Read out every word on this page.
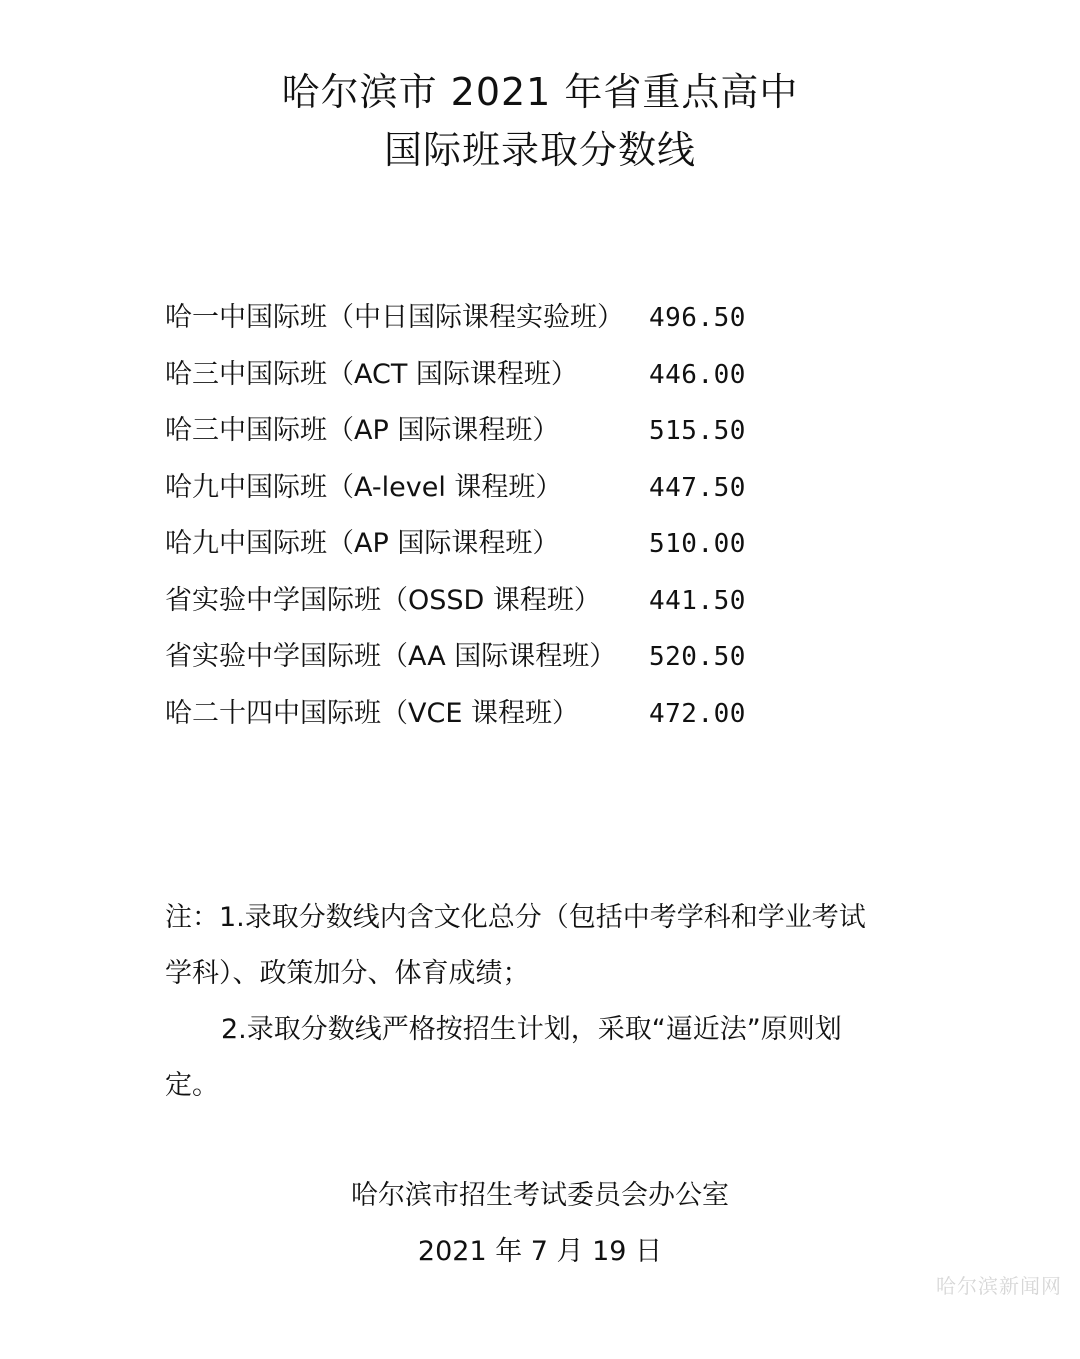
哈尔滨市 2021 年省重点高中
国际班录取分数线
哈一中国际班（中日国际课程实验班） 496.50
哈三中国际班（ACT 国际课程班）	446.00
哈三中国际班（AP 国际课程班）	515.50
哈九中国际班（A-level 课程班）	447.50
哈九中国际班（AP 国际课程班）	510.00
省实验中学国际班（OSSD 课程班） 441.50
省实验中学国际班（AA 国际课程班） 520.50
哈二十四中国际班（VCE 课程班）	472.00
注：1.录取分数线内含文化总分（包括中考学科和学业考试
学科）、政策加分、体育成绩；
2.录取分数线严格按招生计划，采取“逼近法”原则划
定。
哈尔滨市招生考试委员会办公室
2021 年 7 月 19 日
哈尔滨新闻网
